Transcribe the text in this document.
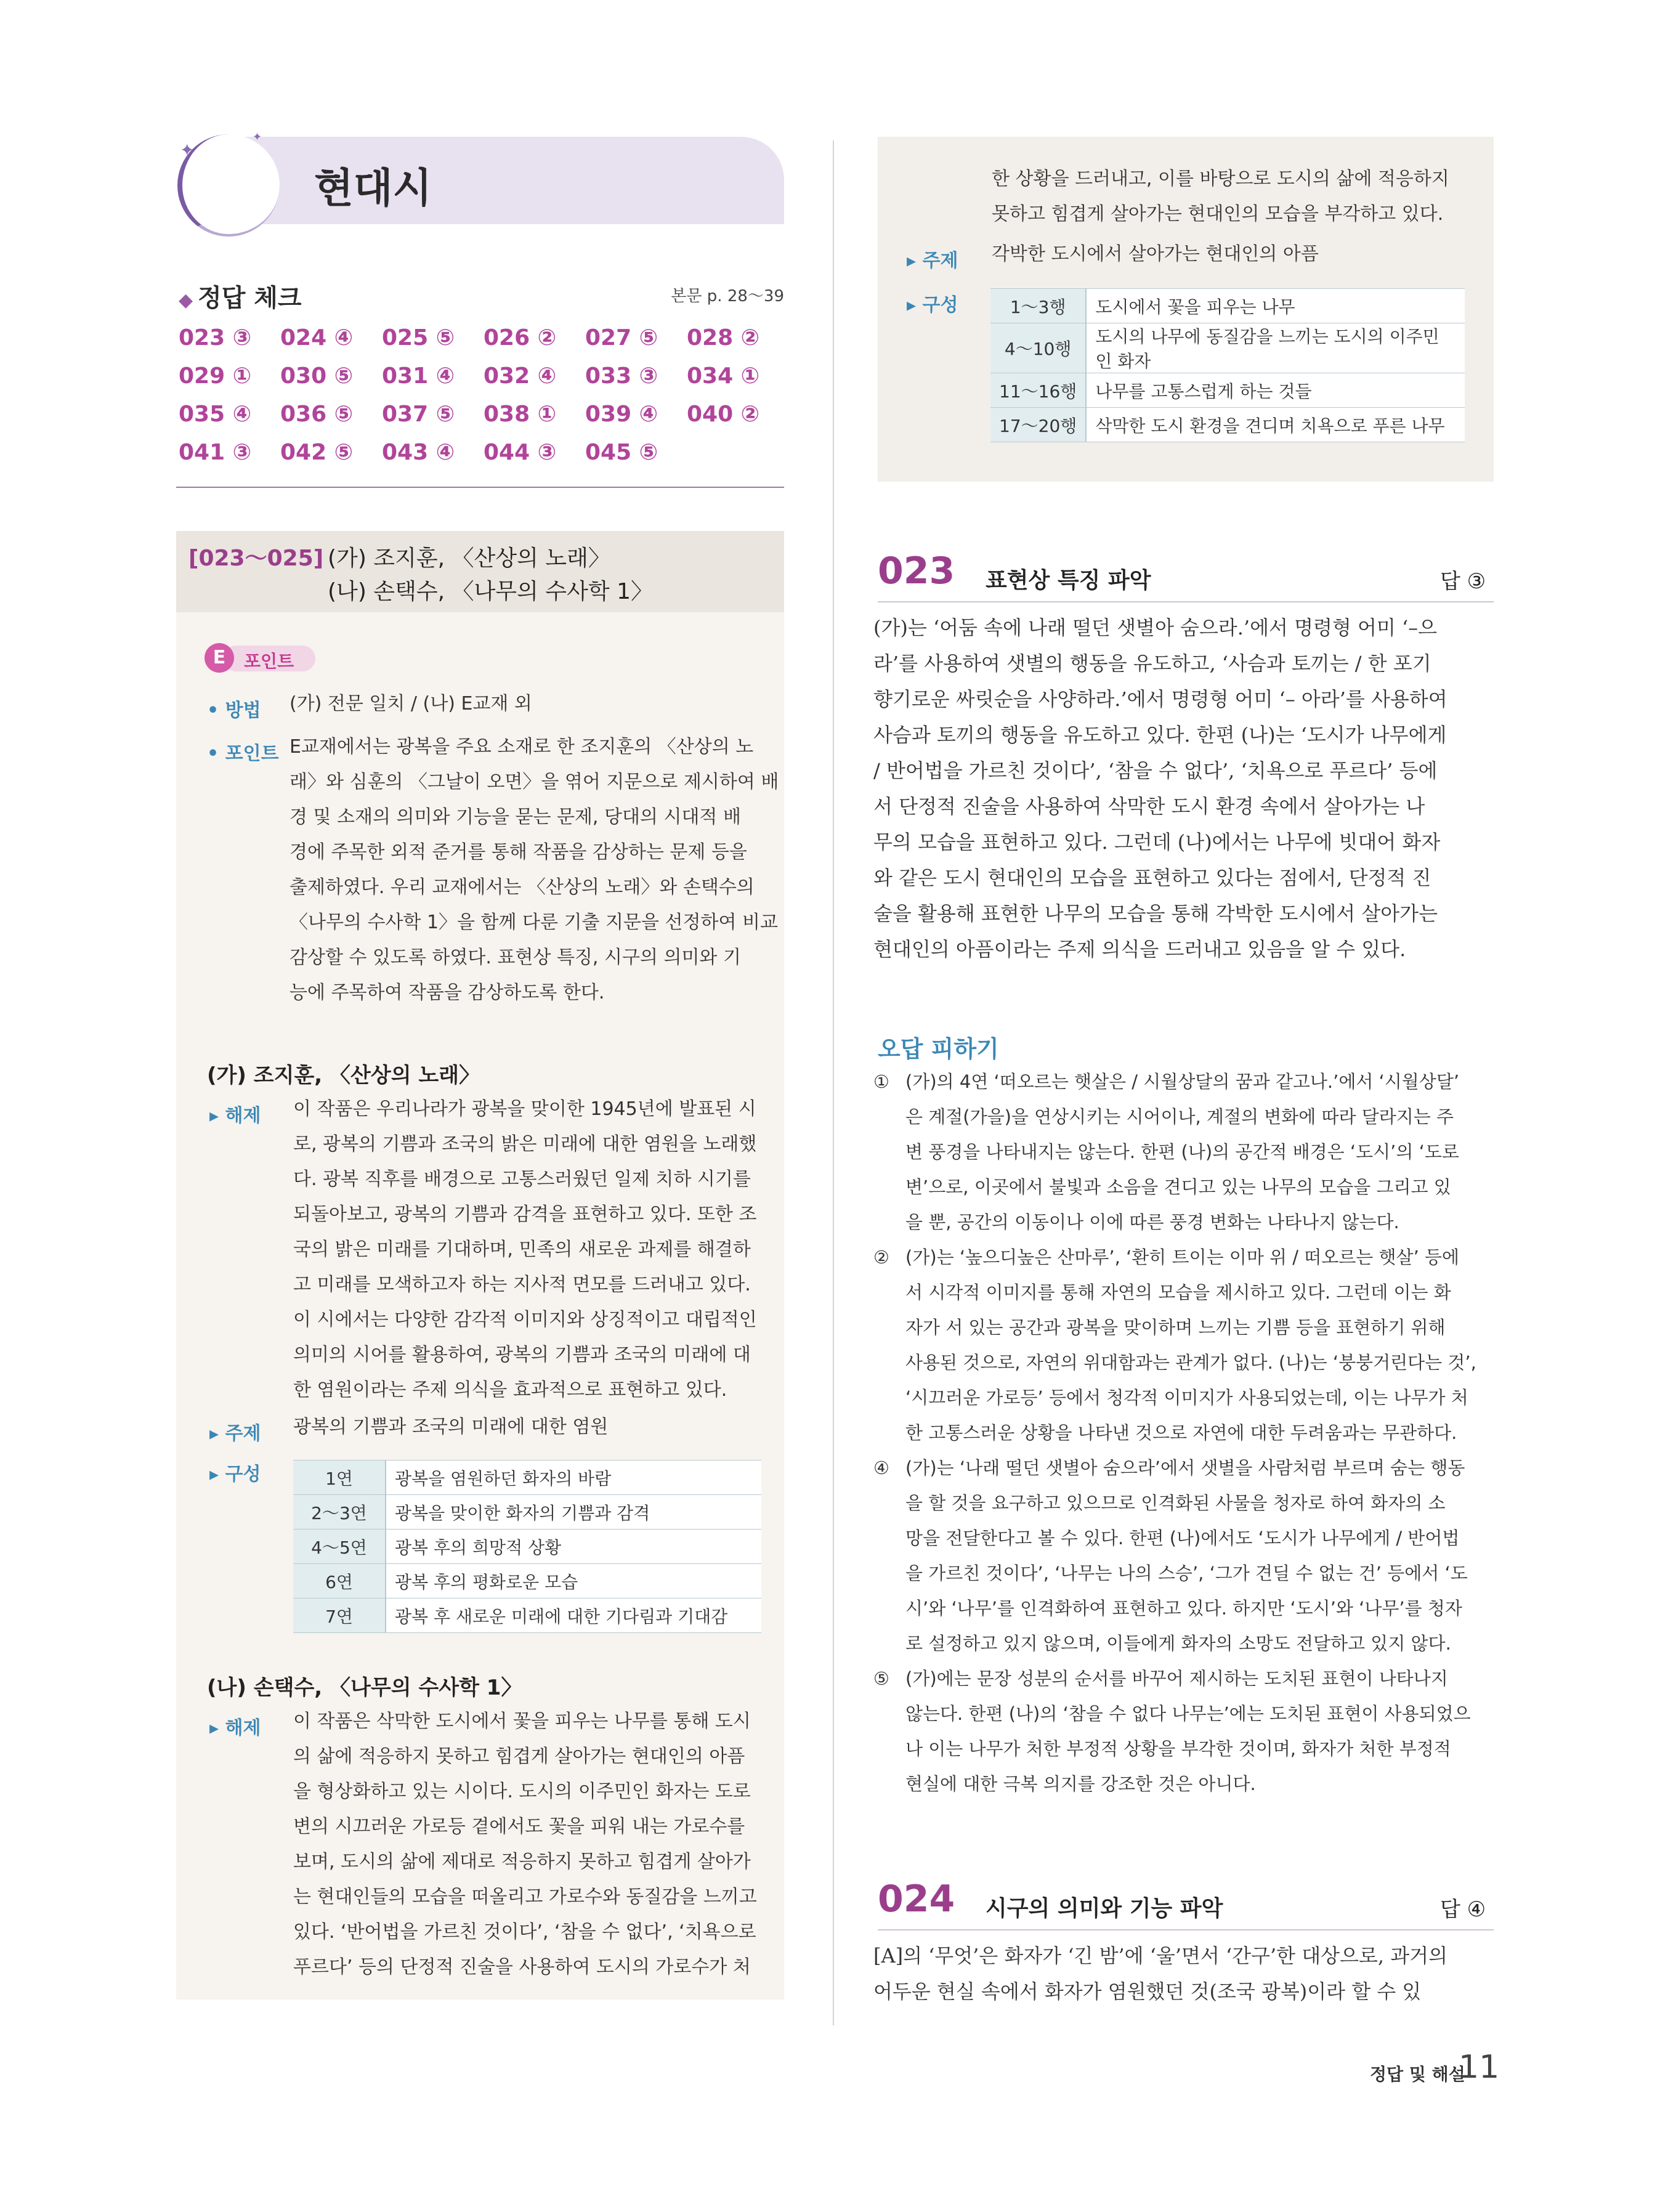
✦
✦
현대시
◆ 정답 체크	본문 p. 28～39
023 ③	024 ④	025 ⑤	026 ②	027 ⑤	028 ②
029 ①	030 ⑤	031 ④	032 ④	033 ③	034 ①
035 ④	036 ⑤	037 ⑤	038 ①	039 ④	040 ②
041 ③	042 ⑤	043 ④	044 ③	045 ⑤
[023～025] (가) 조지훈, 〈산상의 노래〉
(나) 손택수, 〈나무의 수사학 1〉
E	포인트
• 방법 (가) 전문 일치 / (나) E교재 외
• 포인트 E교재에서는 광복을 주요 소재로 한 조지훈의 〈산상의 노
래〉와 심훈의 〈그날이 오면〉을 엮어 지문으로 제시하여 배
경 및 소재의 의미와 기능을 묻는 문제, 당대의 시대적 배
경에 주목한 외적 준거를 통해 작품을 감상하는 문제 등을
출제하였다. 우리 교재에서는 〈산상의 노래〉와 손택수의
〈나무의 수사학 1〉을 함께 다룬 기출 지문을 선정하여 비교
감상할 수 있도록 하였다. 표현상 특징, 시구의 의미와 기
능에 주목하여 작품을 감상하도록 한다.
(가) 조지훈, 〈산상의 노래〉
▸ 해제 이 작품은 우리나라가 광복을 맞이한 1945년에 발표된 시
로, 광복의 기쁨과 조국의 밝은 미래에 대한 염원을 노래했
다. 광복 직후를 배경으로 고통스러웠던 일제 치하 시기를
되돌아보고, 광복의 기쁨과 감격을 표현하고 있다. 또한 조
국의 밝은 미래를 기대하며, 민족의 새로운 과제를 해결하
고 미래를 모색하고자 하는 지사적 면모를 드러내고 있다.
이 시에서는 다양한 감각적 이미지와 상징적이고 대립적인
의미의 시어를 활용하여, 광복의 기쁨과 조국의 미래에 대
한 염원이라는 주제 의식을 효과적으로 표현하고 있다.
▸ 주제 광복의 기쁨과 조국의 미래에 대한 염원
▸ 구성	1연	광복을 염원하던 화자의 바람
2～3연	광복을 맞이한 화자의 기쁨과 감격
4～5연	광복 후의 희망적 상황
6연	광복 후의 평화로운 모습
7연	광복 후 새로운 미래에 대한 기다림과 기대감
(나) 손택수, 〈나무의 수사학 1〉
▸ 해제 이 작품은 삭막한 도시에서 꽃을 피우는 나무를 통해 도시
의 삶에 적응하지 못하고 힘겹게 살아가는 현대인의 아픔
을 형상화하고 있는 시이다. 도시의 이주민인 화자는 도로
변의 시끄러운 가로등 곁에서도 꽃을 피워 내는 가로수를
보며, 도시의 삶에 제대로 적응하지 못하고 힘겹게 살아가
는 현대인들의 모습을 떠올리고 가로수와 동질감을 느끼고
있다. ‘반어법을 가르친 것이다’, ‘참을 수 없다’, ‘치욕으로
푸르다’ 등의 단정적 진술을 사용하여 도시의 가로수가 처
한 상황을 드러내고, 이를 바탕으로 도시의 삶에 적응하지
못하고 힘겹게 살아가는 현대인의 모습을 부각하고 있다.
▸ 주제 각박한 도시에서 살아가는 현대인의 아픔
▸ 구성	1～3행	도시에서 꽃을 피우는 나무
4～10행	도시의 나무에 동질감을 느끼는 도시의 이주민 인 화자
11～16행	나무를 고통스럽게 하는 것들
17～20행	삭막한 도시 환경을 견디며 치욕으로 푸른 나무
023 표현상 특징 파악	답 ③
(가)는 ‘어둠 속에 나래 떨던 샛별아 숨으라.’에서 명령형 어미 ‘–으
라’를 사용하여 샛별의 행동을 유도하고, ‘사슴과 토끼는 / 한 포기
향기로운 싸릿순을 사양하라.’에서 명령형 어미 ‘– 아라’를 사용하여
사슴과 토끼의 행동을 유도하고 있다. 한편 (나)는 ‘도시가 나무에게
/ 반어법을 가르친 것이다’, ‘참을 수 없다’, ‘치욕으로 푸르다’ 등에
서 단정적 진술을 사용하여 삭막한 도시 환경 속에서 살아가는 나
무의 모습을 표현하고 있다. 그런데 (나)에서는 나무에 빗대어 화자
와 같은 도시 현대인의 모습을 표현하고 있다는 점에서, 단정적 진
술을 활용해 표현한 나무의 모습을 통해 각박한 도시에서 살아가는
현대인의 아픔이라는 주제 의식을 드러내고 있음을 알 수 있다.
오답 피하기
① (가)의 4연 ‘떠오르는 햇살은 / 시월상달의 꿈과 같고나.’에서 ‘시월상달’
은 계절(가을)을 연상시키는 시어이나, 계절의 변화에 따라 달라지는 주
변 풍경을 나타내지는 않는다. 한편 (나)의 공간적 배경은 ‘도시’의 ‘도로
변’으로, 이곳에서 불빛과 소음을 견디고 있는 나무의 모습을 그리고 있
을 뿐, 공간의 이동이나 이에 따른 풍경 변화는 나타나지 않는다.
② (가)는 ‘높으디높은 산마루’, ‘환히 트이는 이마 위 / 떠오르는 햇살’ 등에
서 시각적 이미지를 통해 자연의 모습을 제시하고 있다. 그런데 이는 화
자가 서 있는 공간과 광복을 맞이하며 느끼는 기쁨 등을 표현하기 위해
사용된 것으로, 자연의 위대함과는 관계가 없다. (나)는 ‘붕붕거린다는 것’,
‘시끄러운 가로등’ 등에서 청각적 이미지가 사용되었는데, 이는 나무가 처
한 고통스러운 상황을 나타낸 것으로 자연에 대한 두려움과는 무관하다.
④ (가)는 ‘나래 떨던 샛별아 숨으라’에서 샛별을 사람처럼 부르며 숨는 행동
을 할 것을 요구하고 있으므로 인격화된 사물을 청자로 하여 화자의 소
망을 전달한다고 볼 수 있다. 한편 (나)에서도 ‘도시가 나무에게 / 반어법
을 가르친 것이다’, ‘나무는 나의 스승’, ‘그가 견딜 수 없는 건’ 등에서 ‘도
시’와 ‘나무’를 인격화하여 표현하고 있다. 하지만 ‘도시’와 ‘나무’를 청자
로 설정하고 있지 않으며, 이들에게 화자의 소망도 전달하고 있지 않다.
⑤ (가)에는 문장 성분의 순서를 바꾸어 제시하는 도치된 표현이 나타나지
않는다. 한편 (나)의 ‘참을 수 없다 나무는’에는 도치된 표현이 사용되었으
나 이는 나무가 처한 부정적 상황을 부각한 것이며, 화자가 처한 부정적
현실에 대한 극복 의지를 강조한 것은 아니다.
024 시구의 의미와 기능 파악	답 ④
[A]의 ‘무엇’은 화자가 ‘긴 밤’에 ‘울’면서 ‘간구’한 대상으로, 과거의
어두운 현실 속에서 화자가 염원했던 것(조국 광복)이라 할 수 있
정답 및 해설
11
